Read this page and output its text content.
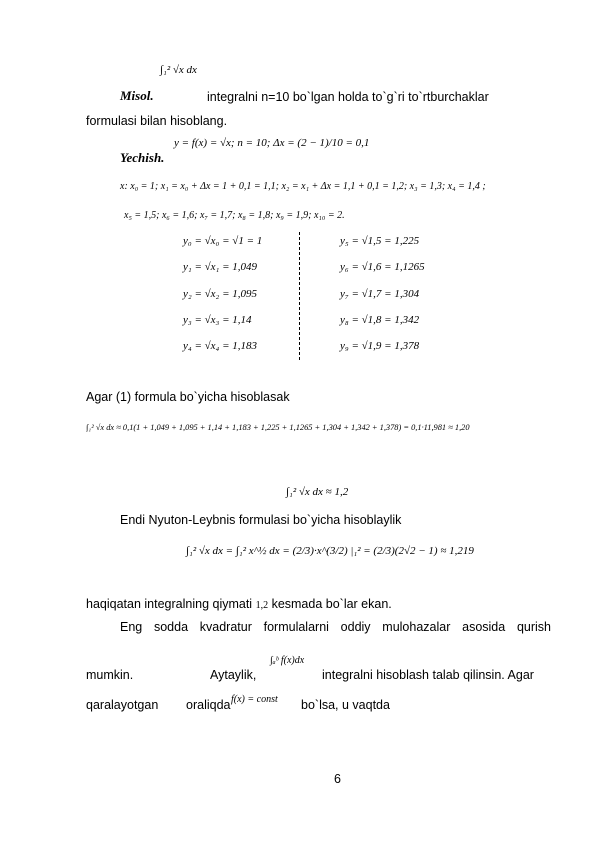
Misol.
∫₁² √x dx
integralni n=10 bo`lgan holda to`g`ri to`rtburchaklar
formulasi bilan hisoblang.
Yechish.
y = f(x) = √x; n = 10; Δx = (2 − 1)/10 = 0,1
x: x₀ = 1; x₁ = x₀ + Δx = 1 + 0,1 = 1,1; x₂ = x₁ + Δx = 1,1 + 0,1 = 1,2; x₃ = 1,3; x₄ = 1,4 ;
x₅ = 1,5; x₆ = 1,6; x₇ = 1,7; x₈ = 1,8; x₉ = 1,9; x₁₀ = 2.
y₀ = √x₀ = √1 = 1
y₁ = √x₁ = 1,049
y₂ = √x₂ = 1,095
y₃ = √x₃ = 1,14
y₄ = √x₄ = 1,183
y₅ = √1,5 = 1,225
y₆ = √1,6 = 1,1265
y₇ = √1,7 = 1,304
y₈ = √1,8 = 1,342
y₉ = √1,9 = 1,378
Agar (1) formula bo`yicha hisoblasak
∫₁² √x dx ≈ 0,1(1 + 1,049 + 1,095 + 1,14 + 1,183 + 1,225 + 1,1265 + 1,304 + 1,342 + 1,378) = 0,1·11,981 ≈ 1,20
∫₁² √x dx ≈ 1,2
Endi Nyuton-Leybnis formulasi bo`yicha hisoblaylik
∫₁² √x dx = ∫₁² x^½ dx = (2/3)·x^(3/2) |₁² = (2/3)(2√2 − 1) ≈ 1,219
haqiqatan integralning qiymati 1,2 kesmada bo`lar ekan.
Eng sodda kvadratur formulalarni oddiy mulohazalar asosida qurish
mumkin.	Aytaylik,
∫ₐᵇ f(x)dx
integralni hisoblash talab qilinsin. Agar
qaralayotgan oraliqda f(x) = const bo`lsa, u vaqtda
6
